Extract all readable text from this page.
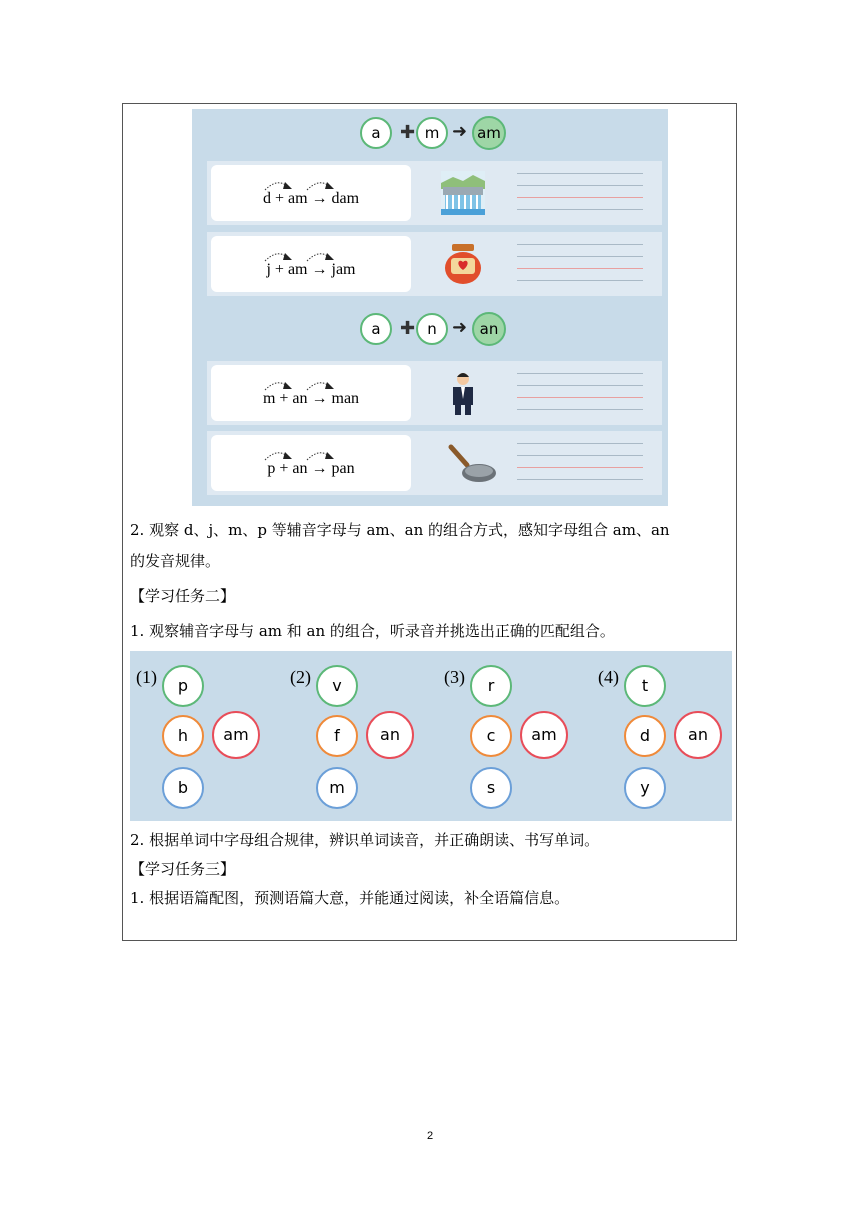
a	✚ m ➜ am
d + am → dam
j + am → jam
a	✚ n ➜ an
m + an → man
p + an → pan
2. 观察 d、j、m、p 等辅音字母与 am、an 的组合方式，感知字母组合 am、an
的发音规律。
【学习任务二】
1. 观察辅音字母与 am 和 an 的组合，听录音并挑选出正确的匹配组合。
(1)	p
h
b
am
(2)	v
f
m
an
(3)	r
c
s
am
(4)	t
d
y
an
2. 根据单词中字母组合规律，辨识单词读音，并正确朗读、书写单词。
【学习任务三】
1. 根据语篇配图，预测语篇大意，并能通过阅读，补全语篇信息。
2
